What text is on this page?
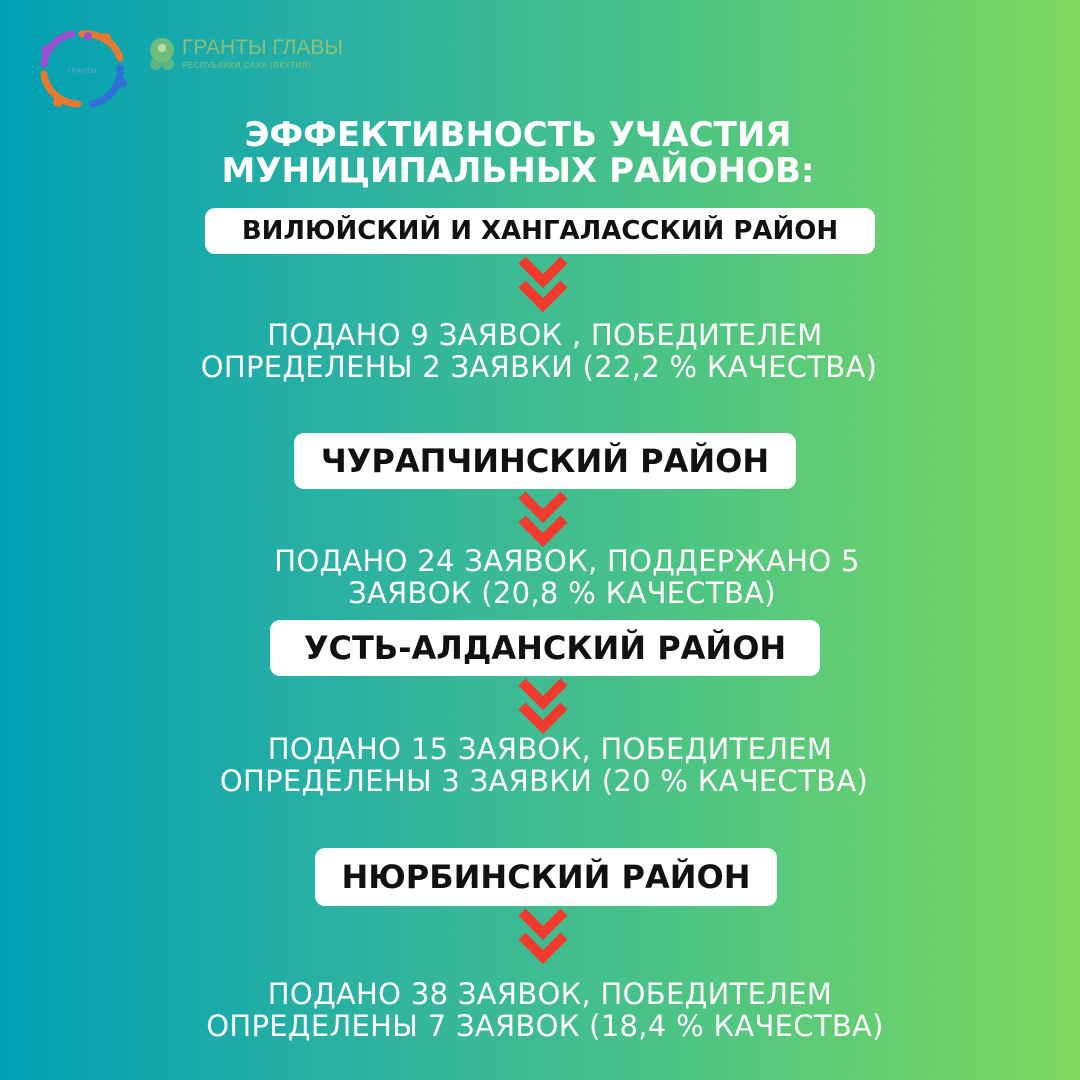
ГРАНТЫ
ГРАНТЫ ГЛАВЫ
РЕСПУБЛИКИ САХА (ЯКУТИЯ)
ЭФФЕКТИВНОСТЬ УЧАСТИЯ
МУНИЦИПАЛЬНЫХ РАЙОНОВ:
ВИЛЮЙСКИЙ И ХАНГАЛАССКИЙ РАЙОН
ПОДАНО 9 ЗАЯВОК , ПОБЕДИТЕЛЕМ
ОПРЕДЕЛЕНЫ 2 ЗАЯВКИ (22,2 % КАЧЕСТВА)
ЧУРАПЧИНСКИЙ РАЙОН
ПОДАНО 24 ЗАЯВОК, ПОДДЕРЖАНО 5
ЗАЯВОК (20,8 % КАЧЕСТВА)
УСТЬ-АЛДАНСКИЙ РАЙОН
ПОДАНО 15 ЗАЯВОК, ПОБЕДИТЕЛЕМ
ОПРЕДЕЛЕНЫ 3 ЗАЯВКИ (20 % КАЧЕСТВА)
НЮРБИНСКИЙ РАЙОН
ПОДАНО 38 ЗАЯВОК, ПОБЕДИТЕЛЕМ
ОПРЕДЕЛЕНЫ 7 ЗАЯВОК (18,4 % КАЧЕСТВА)
